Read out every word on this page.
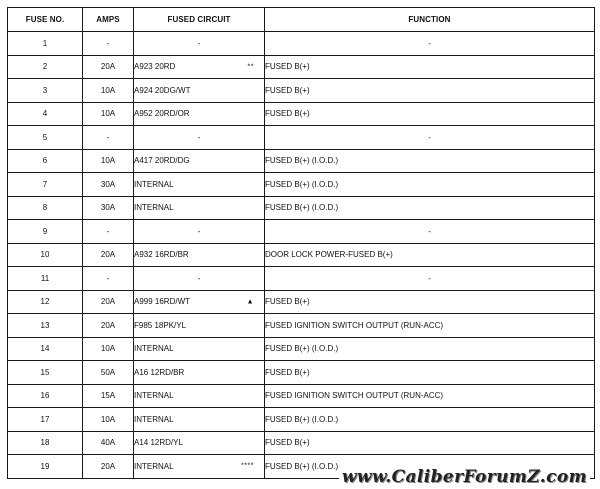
FUSE NO.	AMPS	FUSED CIRCUIT	FUNCTION
1	-	-	-
2	20A	A923 20RD **	FUSED B(+)
3	10A	A924 20DG/WT	FUSED B(+)
4	10A	A952 20RD/OR	FUSED B(+)
5	-	-	-
6	10A	A417 20RD/DG	FUSED B(+) (I.O.D.)
7	30A	INTERNAL	FUSED B(+) (I.O.D.)
8	30A	INTERNAL	FUSED B(+) (I.O.D.)
9	-	-	-
10	20A	A932 16RD/BR	DOOR LOCK POWER-FUSED B(+)
11	-	-	-
12	20A	A999 16RD/WT ▲	FUSED B(+)
13	20A	F985 18PK/YL	FUSED IGNITION SWITCH OUTPUT (RUN-ACC)
14	10A	INTERNAL	FUSED B(+) (I.O.D.)
15	50A	A16 12RD/BR	FUSED B(+)
16	15A	INTERNAL	FUSED IGNITION SWITCH OUTPUT (RUN-ACC)
17	10A	INTERNAL	FUSED B(+) (I.O.D.)
18	40A	A14 12RD/YL	FUSED B(+)
19	20A	INTERNAL ****	FUSED B(+) (I.O.D.)
www.CaliberForumZ.com
